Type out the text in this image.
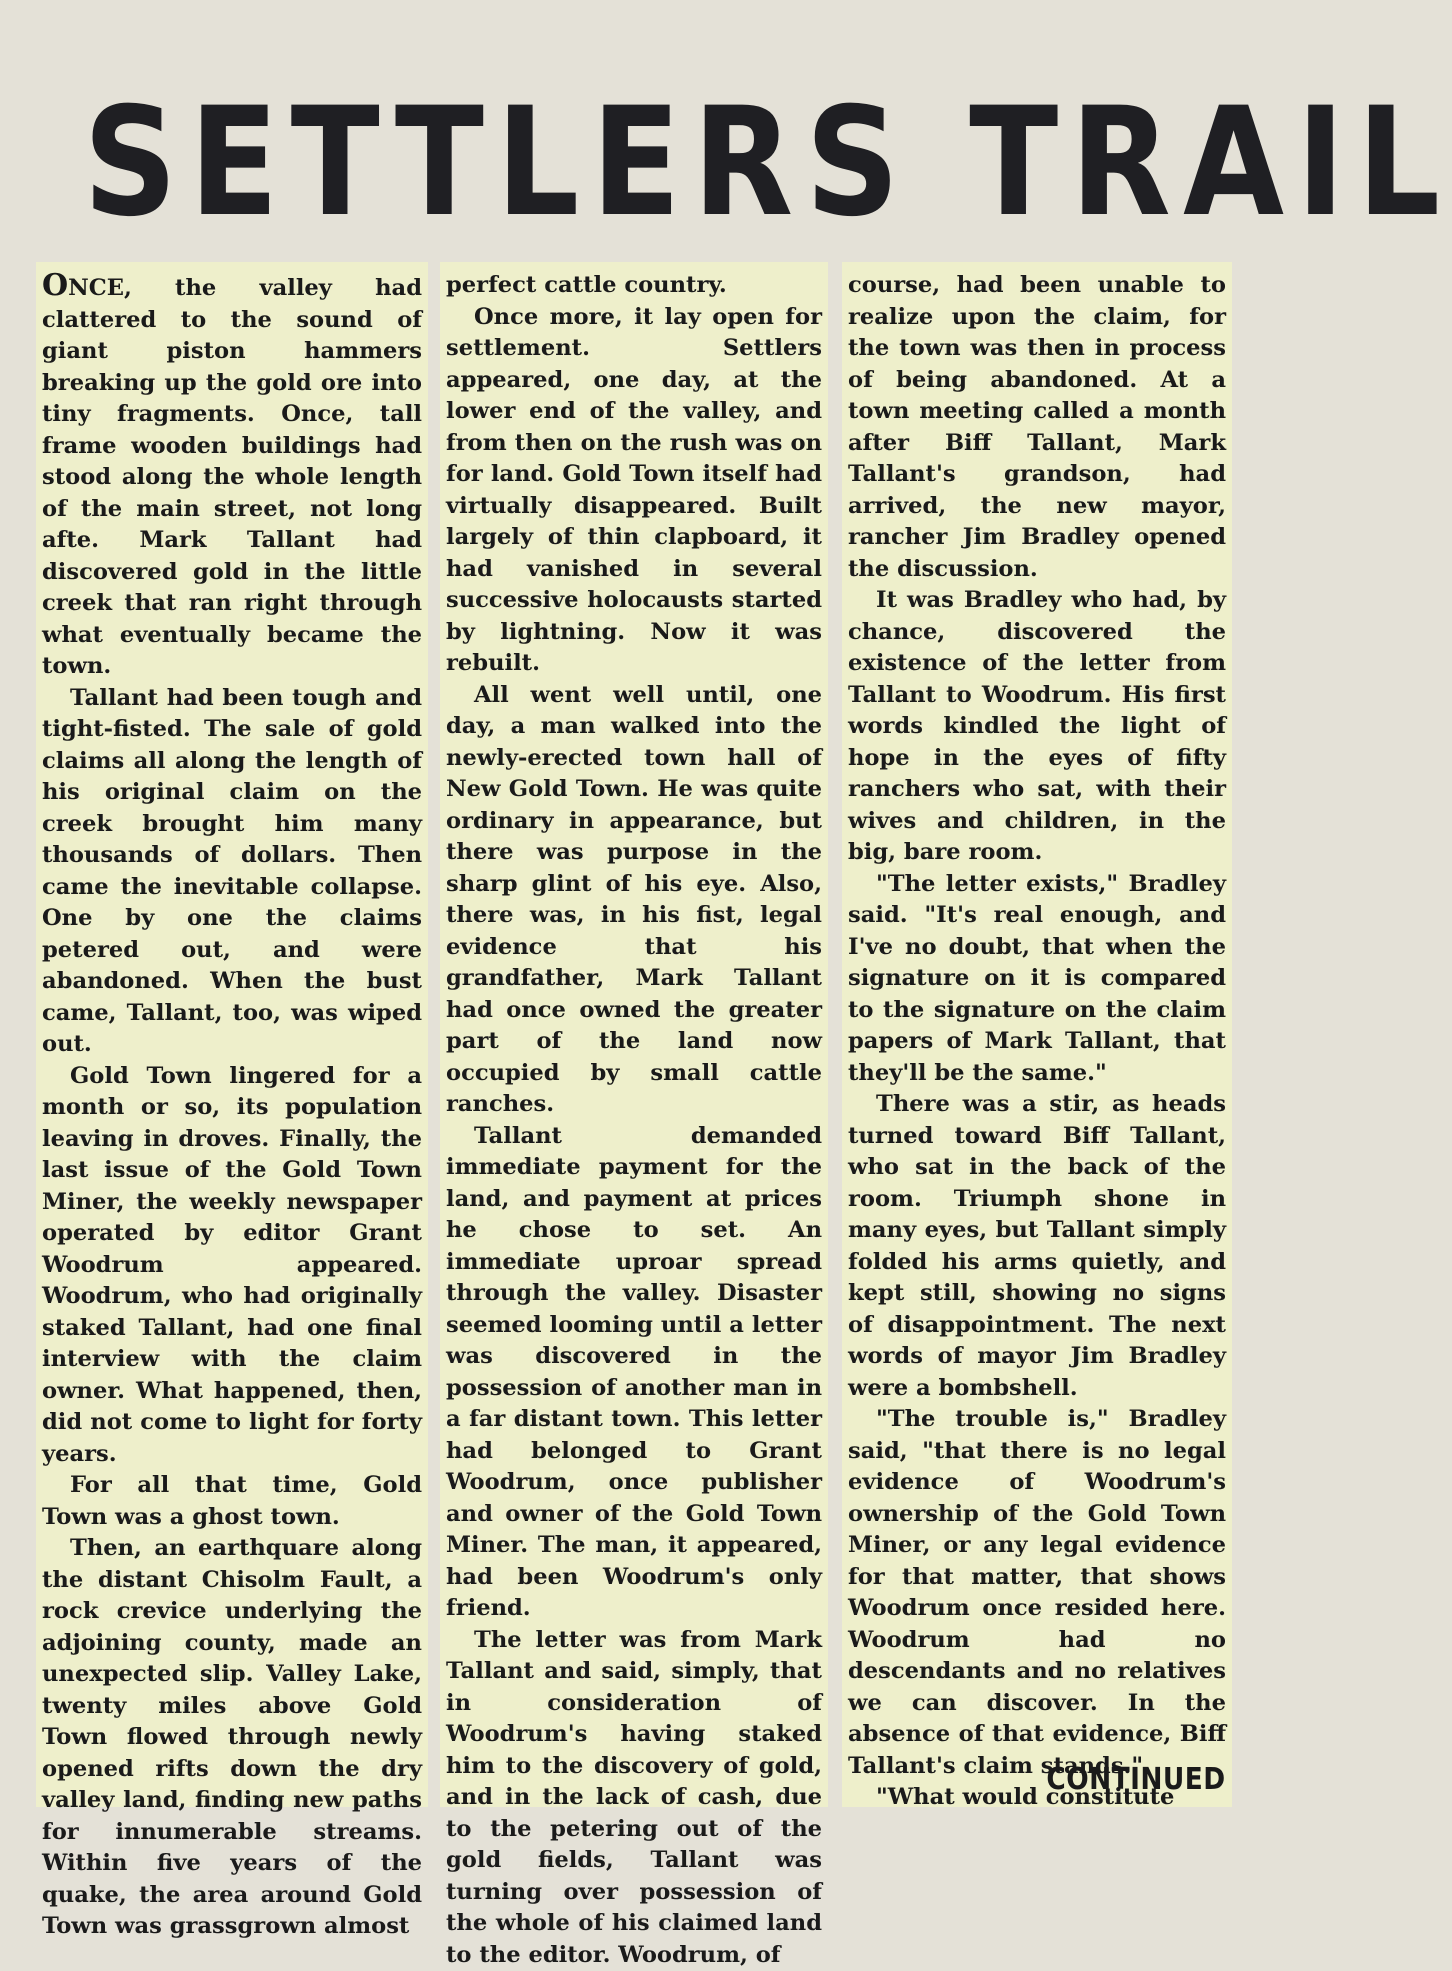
SETTLERS TRAIL

ONCE, the valley had clattered to the sound of giant piston hammers breaking up the gold ore into tiny fragments. Once, tall frame wooden buildings had stood along the whole length of the main street, not long afte. Mark Tallant had discovered gold in the little creek that ran right through what eventually became the town.

Tallant had been tough and tight-fisted. The sale of gold claims all along the length of his original claim on the creek brought him many thousands of dollars. Then came the inevitable collapse. One by one the claims petered out, and were abandoned. When the bust came, Tallant, too, was wiped out.

Gold Town lingered for a month or so, its population leaving in droves. Finally, the last issue of the Gold Town Miner, the weekly newspaper operated by editor Grant Woodrum appeared. Woodrum, who had originally staked Tallant, had one final interview with the claim owner. What happened, then, did not come to light for forty years.

For all that time, Gold Town was a ghost town.

Then, an earthquare along the distant Chisolm Fault, a rock crevice underlying the adjoining county, made an unexpected slip. Valley Lake, twenty miles above Gold Town flowed through newly opened rifts down the dry valley land, finding new paths for innumerable streams. Within five years of the quake, the area around Gold Town was grassgrown almost

perfect cattle country.

Once more, it lay open for settlement. Settlers appeared, one day, at the lower end of the valley, and from then on the rush was on for land. Gold Town itself had virtually disappeared. Built largely of thin clapboard, it had vanished in several successive holocausts started by lightning. Now it was rebuilt.

All went well until, one day, a man walked into the newly-erected town hall of New Gold Town. He was quite ordinary in appearance, but there was purpose in the sharp glint of his eye. Also, there was, in his fist, legal evidence that his grandfather, Mark Tallant had once owned the greater part of the land now occupied by small cattle ranches.

Tallant demanded immediate payment for the land, and payment at prices he chose to set. An immediate uproar spread through the valley. Disaster seemed looming until a letter was discovered in the possession of another man in a far distant town. This letter had belonged to Grant Woodrum, once publisher and owner of the Gold Town Miner. The man, it appeared, had been Woodrum's only friend.

The letter was from Mark Tallant and said, simply, that in consideration of Woodrum's having staked him to the discovery of gold, and in the lack of cash, due to the petering out of the gold fields, Tallant was turning over possession of the whole of his claimed land to the editor. Woodrum, of

course, had been unable to realize upon the claim, for the town was then in process of being abandoned. At a town meeting called a month after Biff Tallant, Mark Tallant's grandson, had arrived, the new mayor, rancher Jim Bradley opened the discussion.

It was Bradley who had, by chance, discovered the existence of the letter from Tallant to Woodrum. His first words kindled the light of hope in the eyes of fifty ranchers who sat, with their wives and children, in the big, bare room.

"The letter exists," Bradley said. "It's real enough, and I've no doubt, that when the signature on it is compared to the signature on the claim papers of Mark Tallant, that they'll be the same."

There was a stir, as heads turned toward Biff Tallant, who sat in the back of the room. Triumph shone in many eyes, but Tallant simply folded his arms quietly, and kept still, showing no signs of disappointment. The next words of mayor Jim Bradley were a bombshell.

"The trouble is," Bradley said, "that there is no legal evidence of Woodrum's ownership of the Gold Town Miner, or any legal evidence for that matter, that shows Woodrum once resided here. Woodrum had no descendants and no relatives we can discover. In the absence of that evidence, Biff Tallant's claim stands."

"What would constitute

CONTINUED
